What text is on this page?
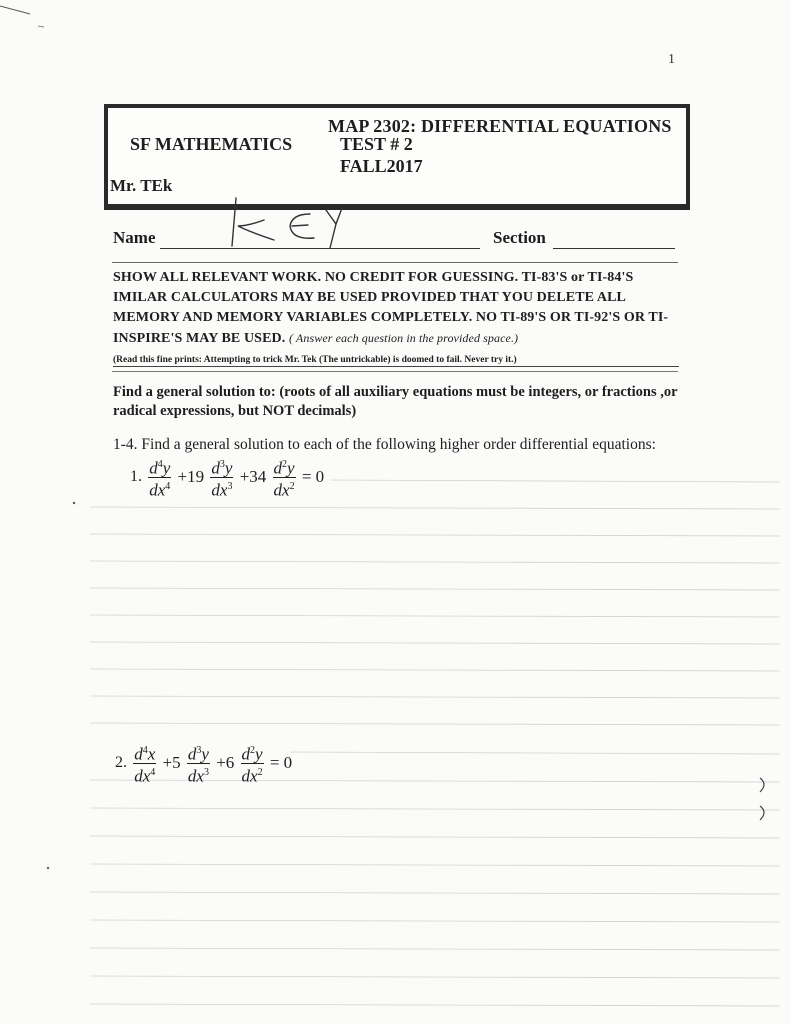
1
MAP 2302: DIFFERENTIAL EQUATIONS
SF MATHEMATICS	TEST # 2
FALL2017
Mr. TEk
Name	Section
SHOW ALL RELEVANT WORK. NO CREDIT FOR GUESSING. TI-83'S or TI-84'S IMILAR CALCULATORS MAY BE USED PROVIDED THAT YOU DELETE ALL MEMORY AND MEMORY VARIABLES COMPLETELY. NO TI-89'S OR TI-92'S OR TI-INSPIRE'S MAY BE USED. ( Answer each question in the provided space.)
(Read this fine prints: Attempting to trick Mr. Tek (The untrickable) is doomed to fail. Never try it.)
Find a general solution to: (roots of all auxiliary equations must be integers, or fractions ,or radical expressions, but NOT decimals)
1-4. Find a general solution to each of the following higher order differential equations:
1. $\frac{d^4y}{dx^4} +19 \frac{d^3y}{dx^3} +34 \frac{d^2y}{dx^2} = 0$
2. $\frac{d^4x}{dx^4} +5 \frac{d^3y}{dx^3} +6 \frac{d^2y}{dx^2} = 0$
